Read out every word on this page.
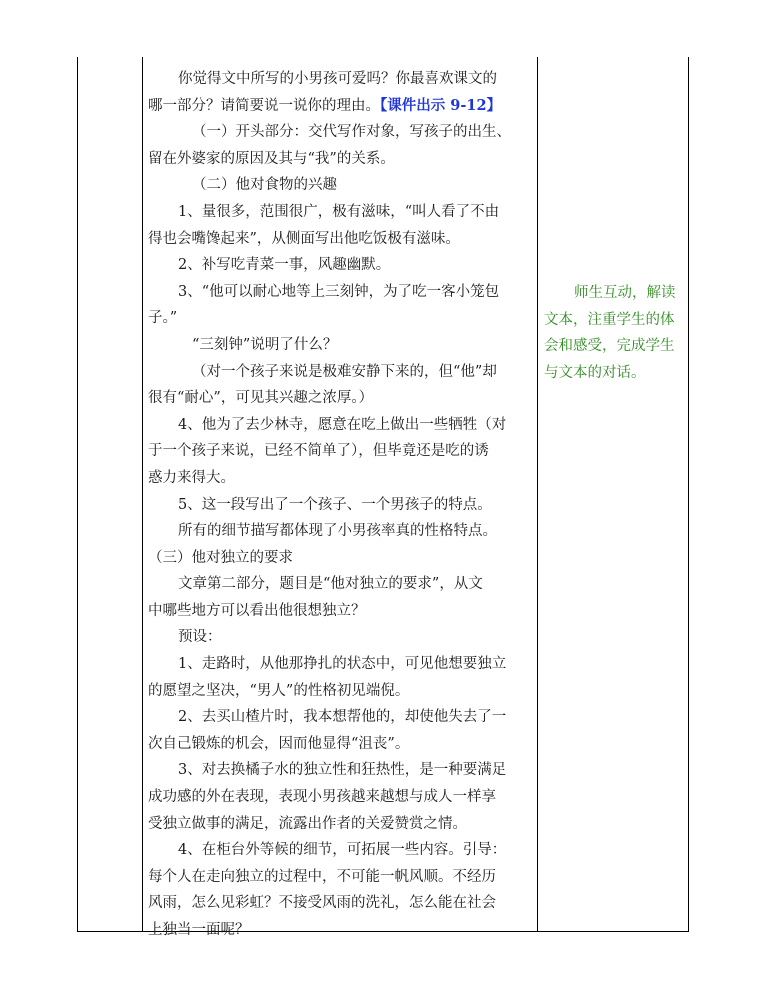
你觉得文中所写的小男孩可爱吗？你最喜欢课文的
哪一部分？请简要说一说你的理由。【课件出示 9-12】
（一）开头部分：交代写作对象，写孩子的出生、
留在外婆家的原因及其与“我”的关系。
（二）他对食物的兴趣
1、量很多，范围很广，极有滋味，“叫人看了不由
得也会嘴馋起来”，从侧面写出他吃饭极有滋味。
2、补写吃青菜一事，风趣幽默。
3、“他可以耐心地等上三刻钟，为了吃一客小笼包
子。”
“三刻钟”说明了什么？
（对一个孩子来说是极难安静下来的，但“他”却
很有“耐心”，可见其兴趣之浓厚。）
4、他为了去少林寺，愿意在吃上做出一些牺牲（对
于一个孩子来说，已经不简单了），但毕竟还是吃的诱
惑力来得大。
5、这一段写出了一个孩子、一个男孩子的特点。
所有的细节描写都体现了小男孩率真的性格特点。
（三）他对独立的要求
文章第二部分，题目是“他对独立的要求”，从文
中哪些地方可以看出他很想独立？
预设：
1、走路时，从他那挣扎的状态中，可见他想要独立
的愿望之坚决，“男人”的性格初见端倪。
2、去买山楂片时，我本想帮他的，却使他失去了一
次自己锻炼的机会，因而他显得“沮丧”。
3、对去换橘子水的独立性和狂热性，是一种要满足
成功感的外在表现，表现小男孩越来越想与成人一样享
受独立做事的满足，流露出作者的关爱赞赏之情。
4、在柜台外等候的细节，可拓展一些内容。引导：
每个人在走向独立的过程中，不可能一帆风顺。不经历
风雨，怎么见彩虹？不接受风雨的洗礼，怎么能在社会
上独当一面呢？
师生互动，解读
文本，注重学生的体
会和感受，完成学生
与文本的对话。
